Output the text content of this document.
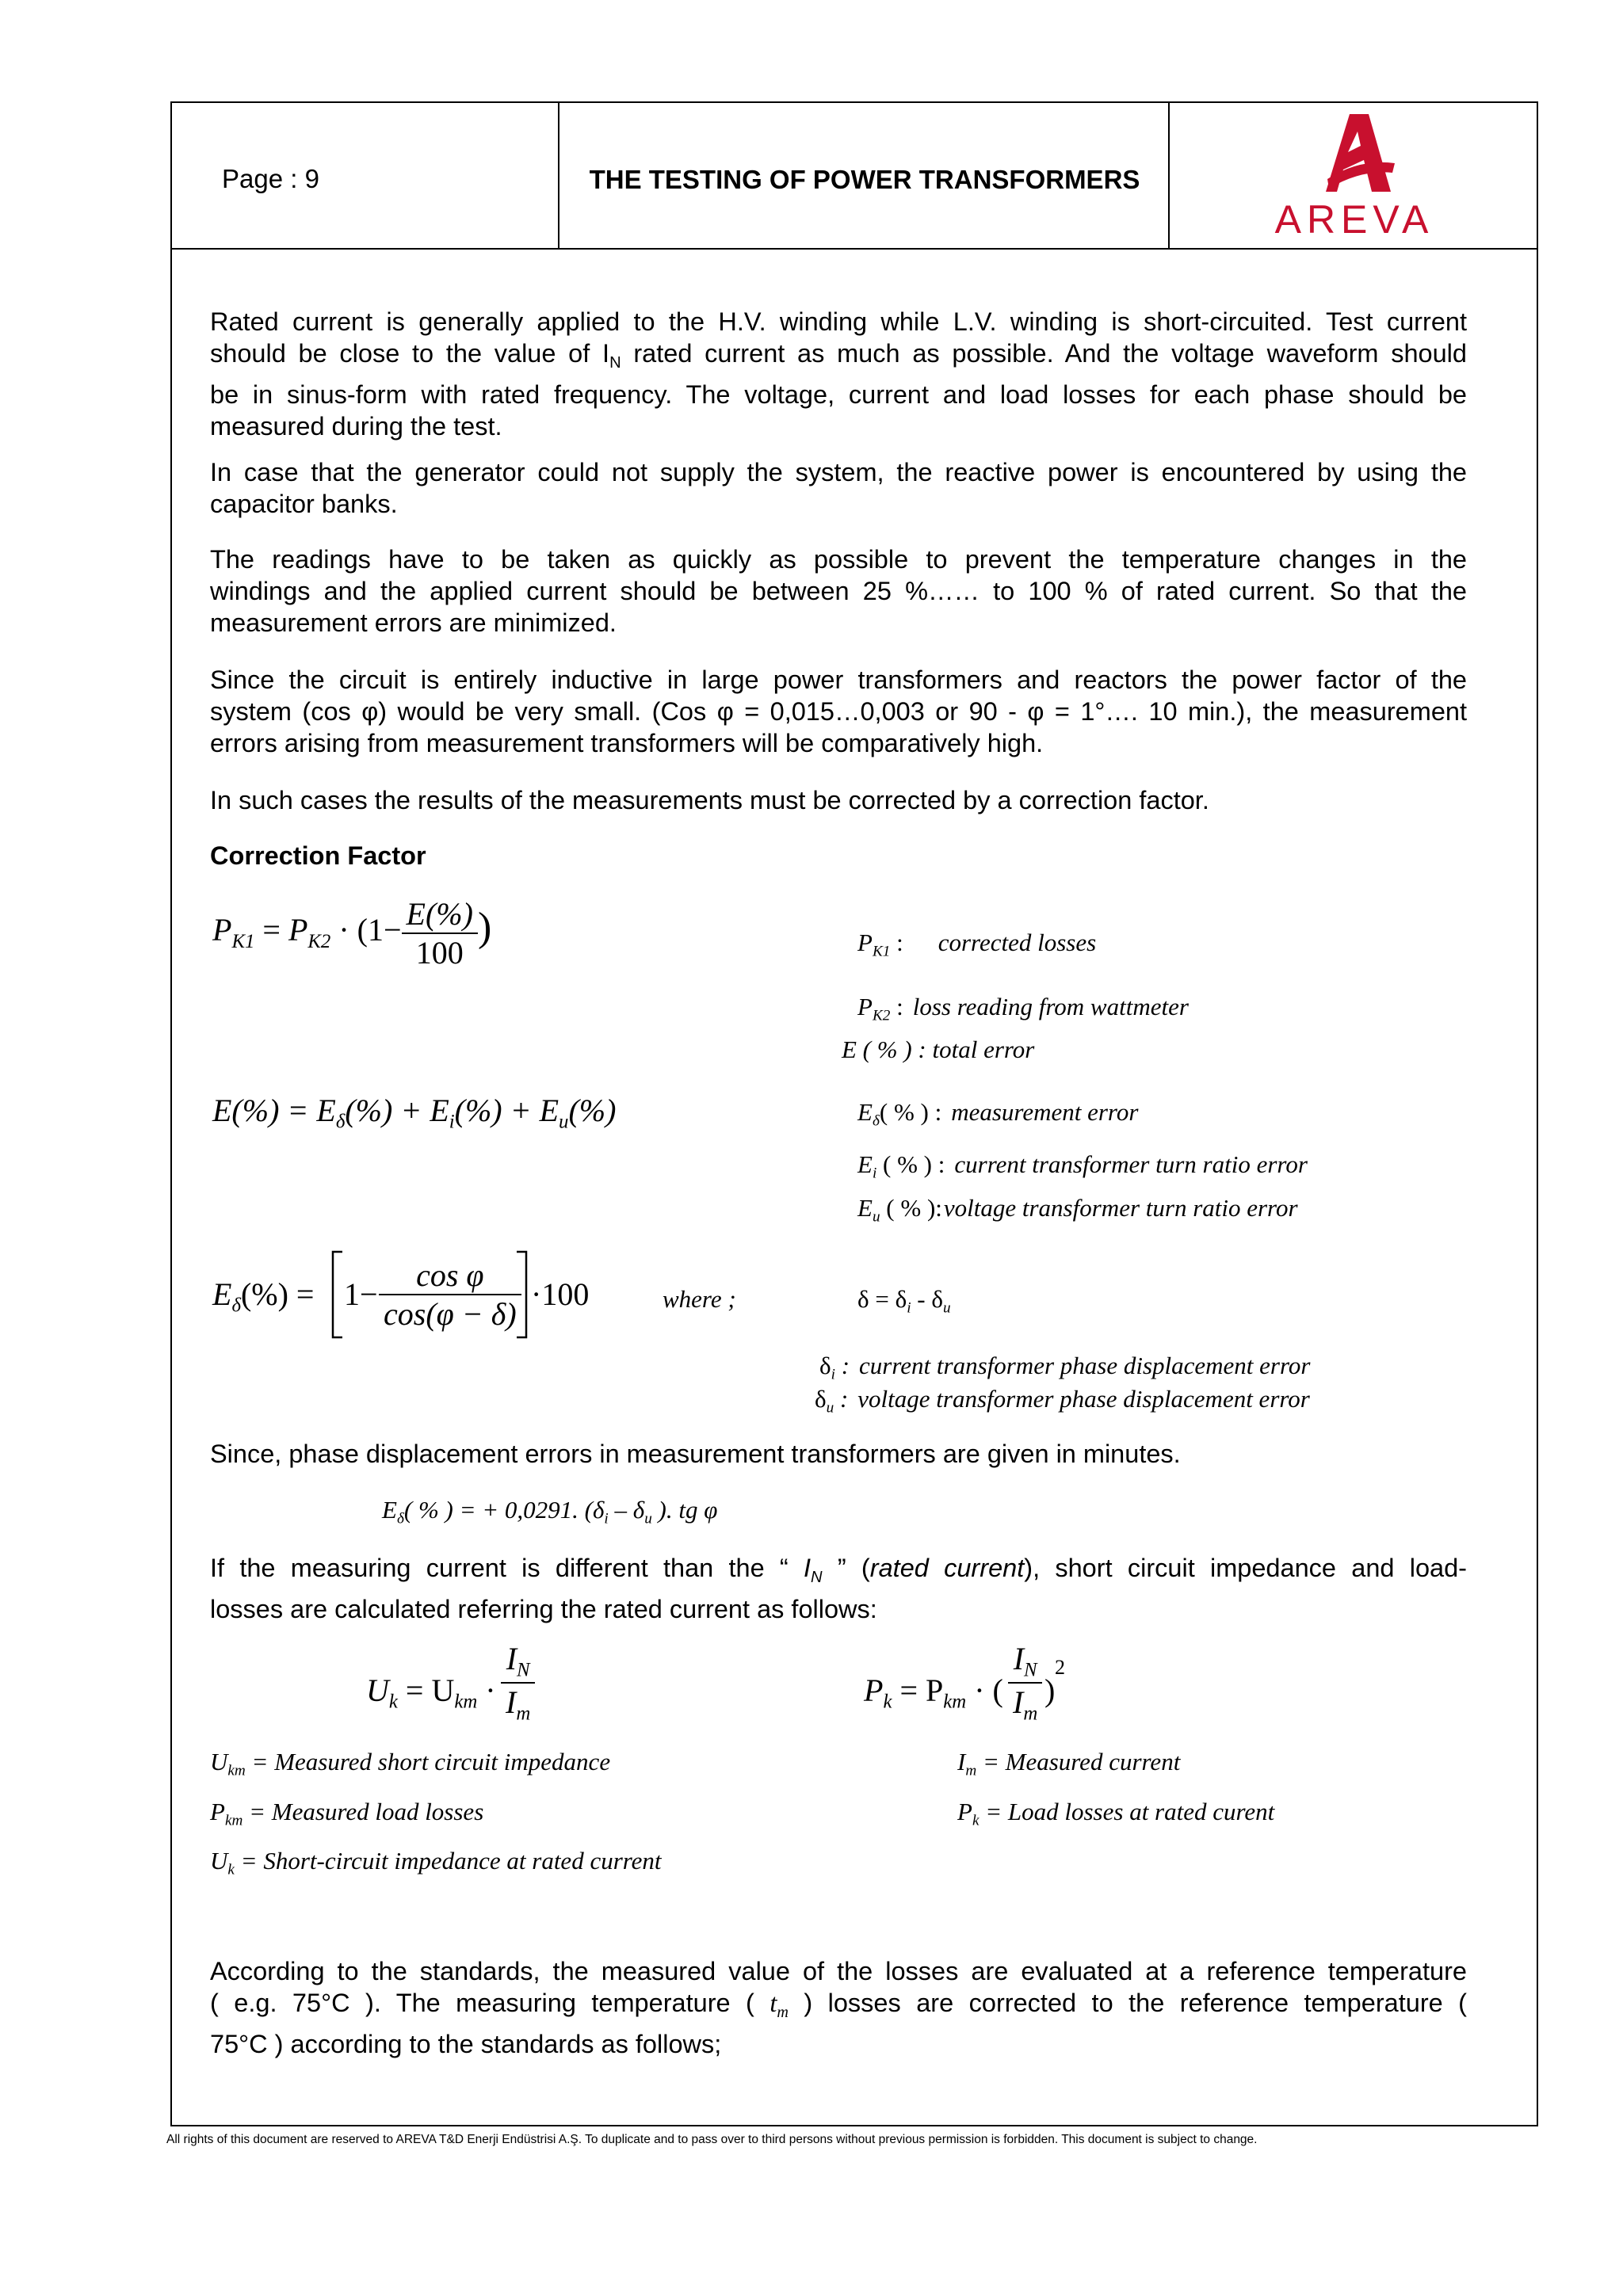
Page : 9	THE TESTING OF POWER TRANSFORMERS
AREVA
Rated current is generally applied to the H.V. winding while L.V. winding is short-circuited. Test current
should be close to the value of $I_N$ rated current as much as possible. And the voltage waveform should
be in sinus-form with rated frequency. The voltage, current and load losses for each phase should be
measured during the test.
In case that the generator could not supply the system, the reactive power is encountered by using the
capacitor banks.
The readings have to be taken as quickly as possible to prevent the temperature changes in the
windings and the applied current should be between 25 %…… to 100 % of rated current. So that the
measurement errors are minimized.
Since the circuit is entirely inductive in large power transformers and reactors the power factor of the
system (cos φ) would be very small. (Cos φ = 0,015…0,003 or 90 - φ = 1°…. 10 min.), the measurement
errors arising from measurement transformers will be comparatively high.
In such cases the results of the measurements must be corrected by a correction factor.
Correction Factor
$P_{K1} = P_{K2} \cdot (1- \frac{E(\%)}{100}$ )	$P_{K1}$ : corrected losses
$P_{K2}$ : loss reading from wattmeter
E ( % ) : total error
$E(\%) = E_\delta(\%) + E_i(\%) + E_u(\%)$	$E_\delta$( % ) : measurement error
$E_i$ ( % ) : current transformer turn ratio error
$E_u$ ( % ):voltage transformer turn ratio error
$E_\delta(\%) = 1- \frac{\text{cos φ}}{\cos(\varphi - \delta)} \cdot 100$	where ;	$\delta = \delta_i - \delta_u$
$\delta_i$ : current transformer phase displacement error
$\delta_u$ : voltage transformer phase displacement error
Since, phase displacement errors in measurement transformers are given in minutes.
$E_\delta$( % ) = + 0,0291. ($\delta_i - \delta_u$ ). tg φ
If the measuring current is different than the “ $I_N$ ” (rated current), short circuit impedance and load-
losses are calculated referring the rated current as follows:
$U_k = U_{km} \cdot \frac{I_N}{I_m}$	$P_k = P_{km}$ · ( $\frac{I_N}{I_m}$ )
2
$U_{km}$ = Measured short circuit impedance
$P_{km}$ = Measured load losses
$U_k$ = Short-circuit impedance at rated current
$I_m$ = Measured current
$P_k$ = Load losses at rated curent
According to the standards, the measured value of the losses are evaluated at a reference temperature
( e.g. 75°C ). The measuring temperature ( $t_m$ ) losses are corrected to the reference temperature (
75°C ) according to the standards as follows;
All rights of this document are reserved to AREVA T&D Enerji Endüstrisi A.Ş. To duplicate and to pass over to third persons without previous permission is forbidden. This document is subject to change.
